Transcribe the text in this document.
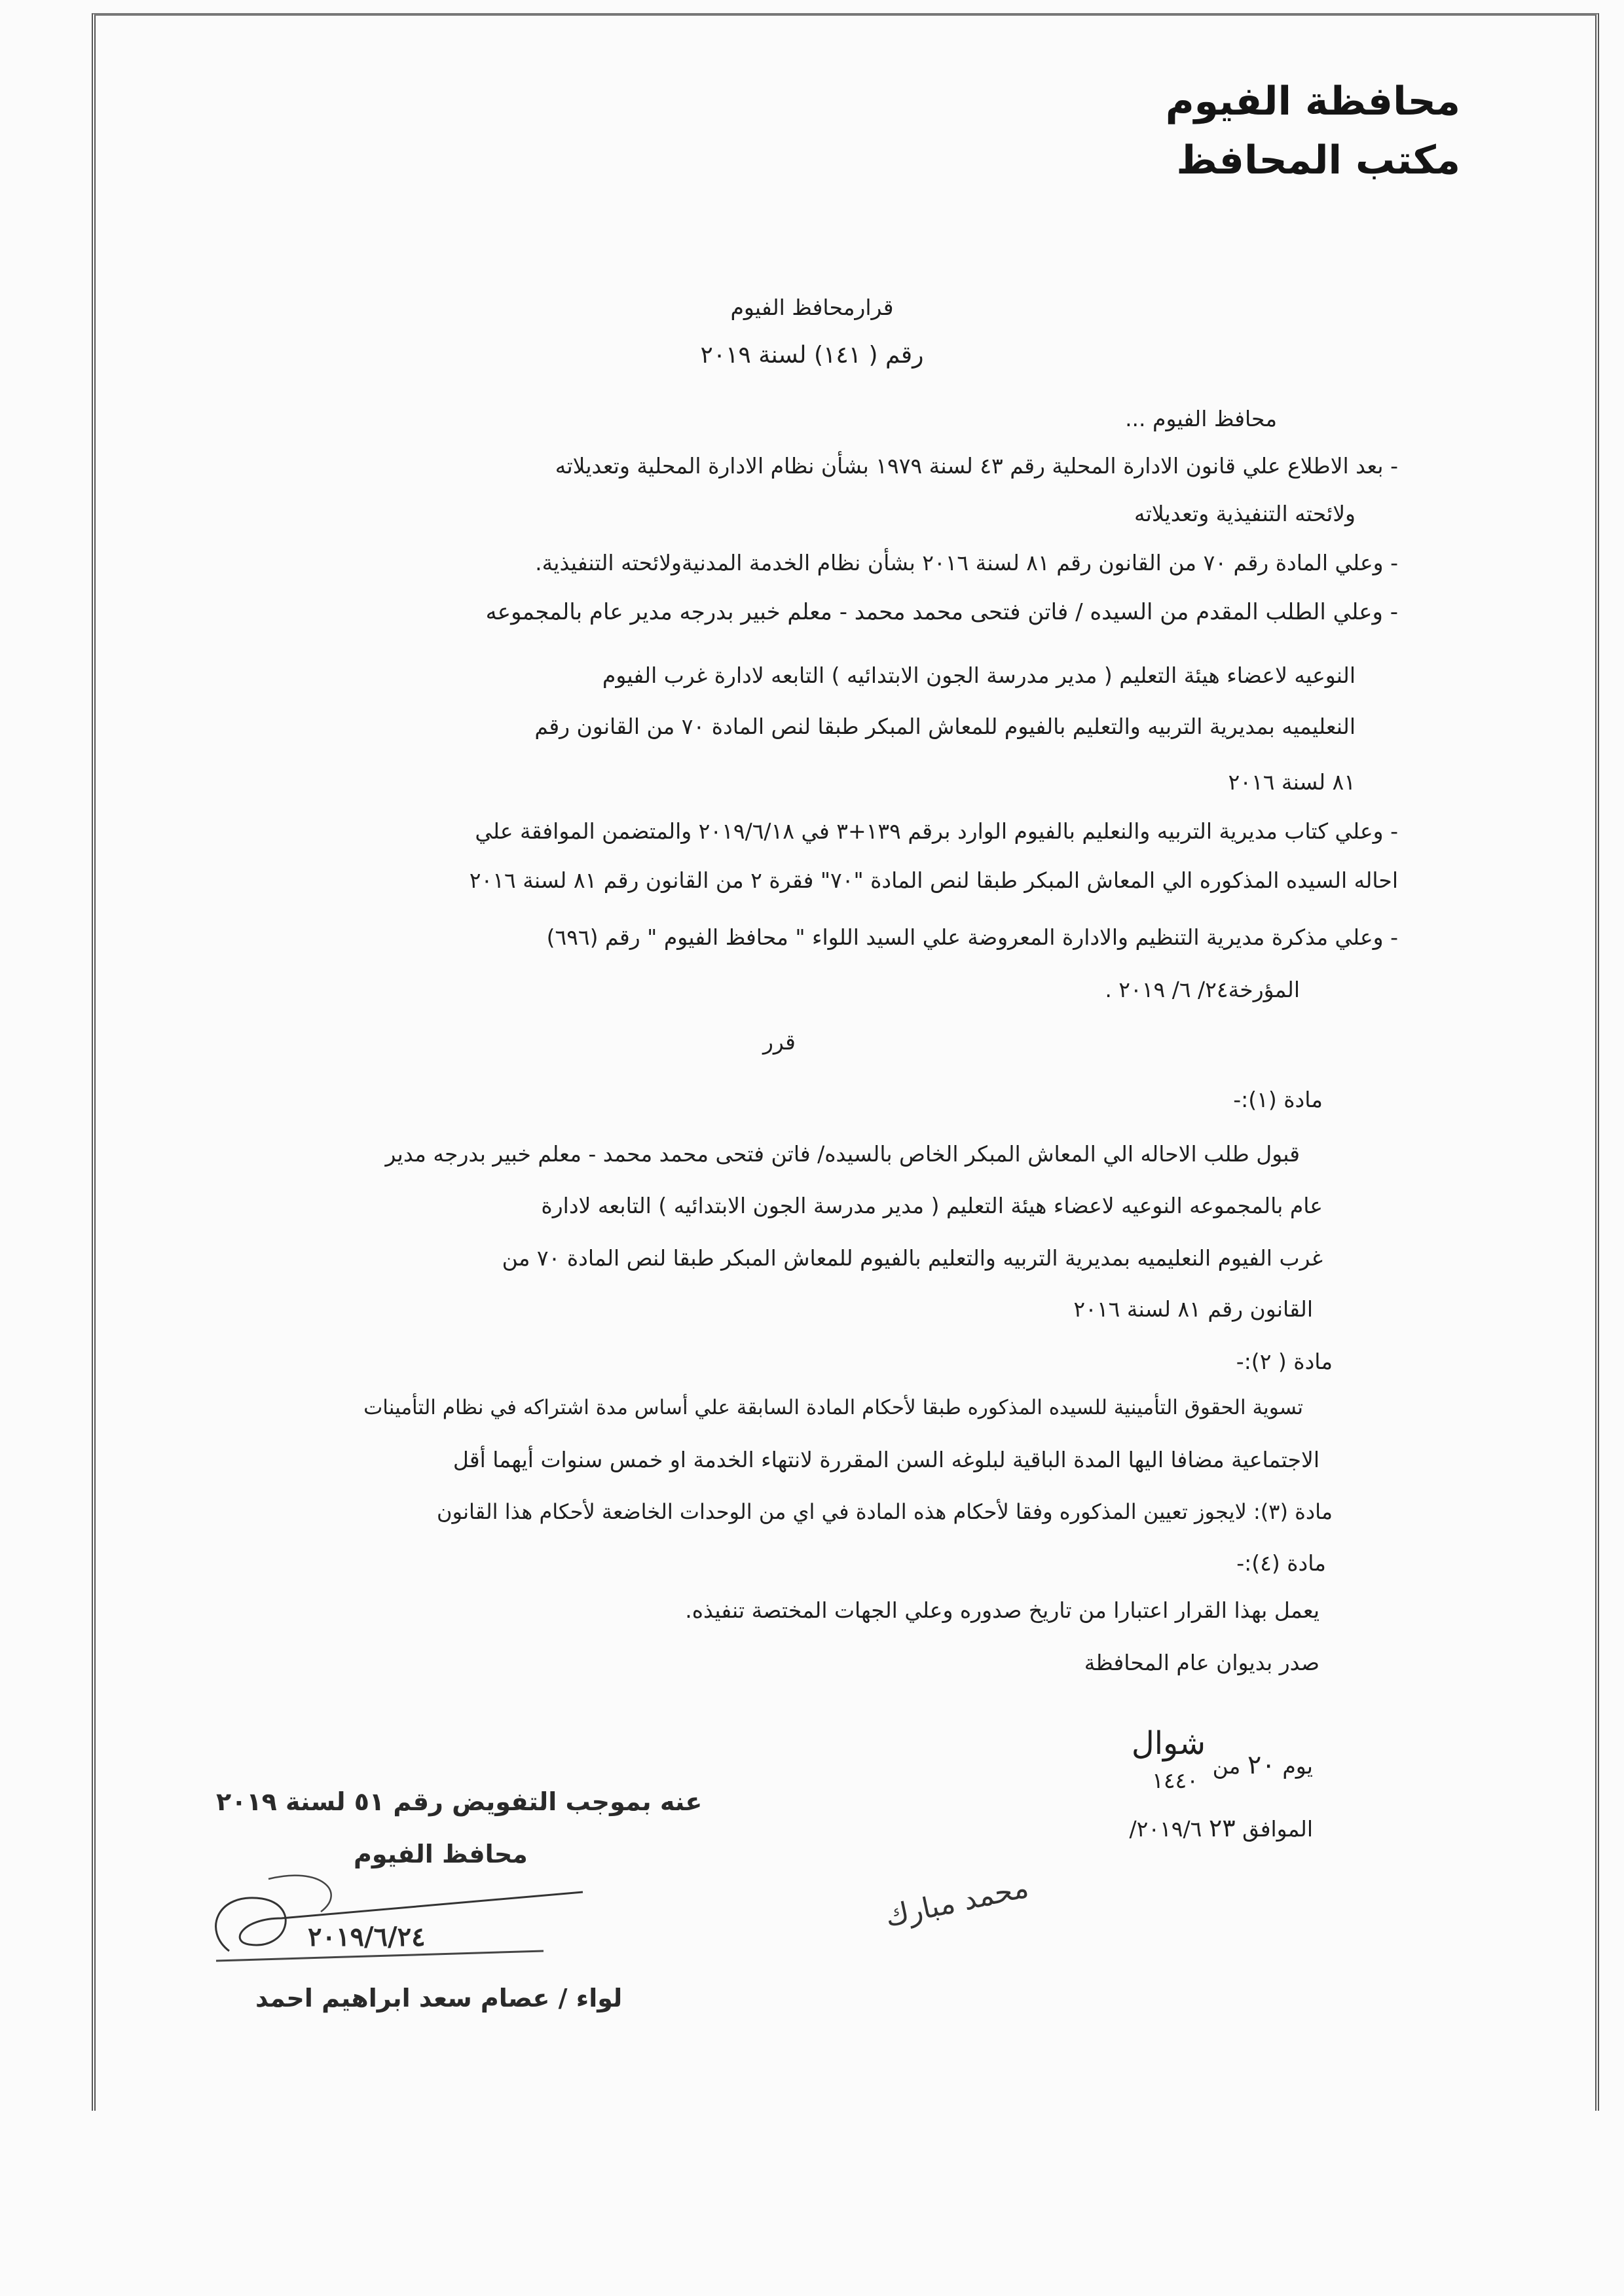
محافظة الفيوم
مكتب المحافظ
قرارمحافظ الفيوم
رقم ( ١٤١) لسنة ٢٠١٩
محافظ الفيوم ...
- بعد الاطلاع علي قانون الادارة المحلية رقم ٤٣ لسنة ١٩٧٩ بشأن نظام الادارة المحلية وتعديلاته
ولائحته التنفيذية وتعديلاته
- وعلي المادة رقم ٧٠ من القانون رقم ٨١ لسنة ٢٠١٦ بشأن نظام الخدمة المدنيةولائحته التنفيذية.
- وعلي الطلب المقدم من السيده / فاتن فتحى محمد محمد - معلم خبير بدرجه مدير عام بالمجموعه
النوعيه لاعضاء هيئة التعليم ( مدير مدرسة الجون الابتدائيه ) التابعه لادارة غرب الفيوم
النعليميه بمديرية التربيه والتعليم بالفيوم للمعاش المبكر طبقا لنص المادة ٧٠ من القانون رقم
٨١ لسنة ٢٠١٦
- وعلي كتاب مديرية التربيه والنعليم بالفيوم الوارد برقم ١٣٩+٣ في ٢٠١٩/٦/١٨ والمتضمن الموافقة علي
احاله السيده المذكوره الي المعاش المبكر طبقا لنص المادة "٧٠" فقرة ٢ من القانون رقم ٨١ لسنة ٢٠١٦
- وعلي مذكرة مديرية التنظيم والادارة المعروضة علي السيد اللواء " محافظ الفيوم " رقم (٦٩٦)
المؤرخة٢٤/ ٦/ ٢٠١٩ .
قرر
مادة (١):-
قبول طلب الاحاله الي المعاش المبكر الخاص بالسيده/ فاتن فتحى محمد محمد - معلم خبير بدرجه مدير
عام بالمجموعه النوعيه لاعضاء هيئة التعليم ( مدير مدرسة الجون الابتدائيه ) التابعه لادارة
غرب الفيوم النعليميه بمديرية التربيه والتعليم بالفيوم للمعاش المبكر طبقا لنص المادة ٧٠ من
القانون رقم ٨١ لسنة ٢٠١٦
مادة ( ٢):-
تسوية الحقوق التأمينية للسيده المذكوره طبقا لأحكام المادة السابقة علي أساس مدة اشتراكه في نظام التأمينات
الاجتماعية مضافا اليها المدة الباقية لبلوغه السن المقررة لانتهاء الخدمة او خمس سنوات أيهما أقل
مادة (٣): لايجوز تعيين المذكوره وفقا لأحكام هذه المادة في اي من الوحدات الخاضعة لأحكام هذا القانون
مادة (٤):-
يعمل بهذا القرار اعتبارا من تاريخ صدوره وعلي الجهات المختصة تنفيذه.
صدر بديوان عام المحافظة
يوم ٢٠ من شوال
١٤٤٠
الموافق ٢٣ ٢٠١٩/٦/
محمد مبارك
عنه بموجب التفويض رقم ٥١ لسنة ٢٠١٩
محافظ الفيوم
٢٠١٩/٦/٢٤
لواء / عصام سعد ابراهيم احمد
